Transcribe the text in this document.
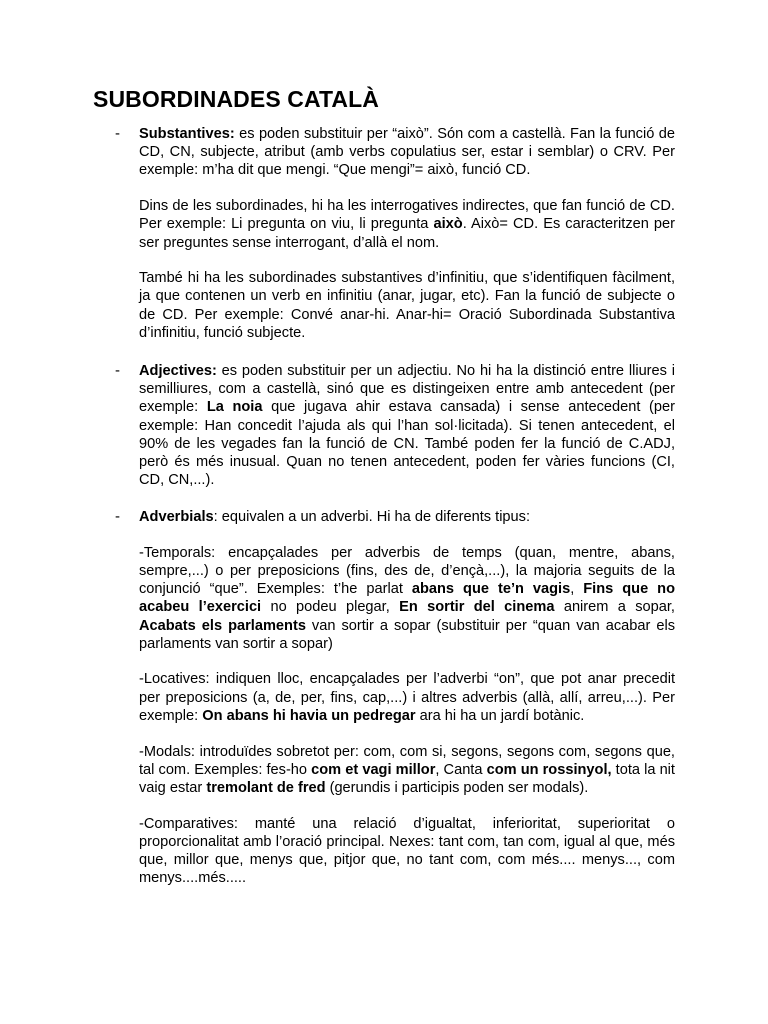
SUBORDINADES CATALÀ
- Substantives: es poden substituir per “això”. Són com a castellà. Fan la funció de CD, CN, subjecte, atribut (amb verbs copulatius ser, estar i semblar) o CRV. Per exemple: m’ha dit que mengi. “Que mengi”= això, funció CD.

Dins de les subordinades, hi ha les interrogatives indirectes, que fan funció de CD. Per exemple: Li pregunta on viu, li pregunta això. Això= CD. Es caracteritzen per ser preguntes sense interrogant, d’allà el nom.

També hi ha les subordinades substantives d’infinitiu, que s’identifiquen fàcilment, ja que contenen un verb en infinitiu (anar, jugar, etc). Fan la funció de subjecte o de CD. Per exemple: Convé anar-hi. Anar-hi= Oració Subordinada Substantiva d’infinitiu, funció subjecte.

- Adjectives: es poden substituir per un adjectiu. No hi ha la distinció entre lliures i semilliures, com a castellà, sinó que es distingeixen entre amb antecedent (per exemple: La noia que jugava ahir estava cansada) i sense antecedent (per exemple: Han concedit l’ajuda als qui l’han sol·licitada). Si tenen antecedent, el 90% de les vegades fan la funció de CN. També poden fer la funció de C.ADJ, però és més inusual. Quan no tenen antecedent, poden fer vàries funcions (CI, CD, CN,...).

- Adverbials: equivalen a un adverbi. Hi ha de diferents tipus:

-Temporals: encapçalades per adverbis de temps (quan, mentre, abans, sempre,...) o per preposicions (fins, des de, d’ençà,...), la majoria seguits de la conjunció “que”. Exemples: t’he parlat abans que te’n vagis, Fins que no acabeu l’exercici no podeu plegar, En sortir del cinema anirem a sopar, Acabats els parlaments van sortir a sopar (substituir per “quan van acabar els parlaments van sortir a sopar)

-Locatives: indiquen lloc, encapçalades per l’adverbi “on”, que pot anar precedit per preposicions (a, de, per, fins, cap,...) i altres adverbis (allà, allí, arreu,...). Per exemple: On abans hi havia un pedregar ara hi ha un jardí botànic.

-Modals: introduïdes sobretot per: com, com si, segons, segons com, segons que, tal com. Exemples: fes-ho com et vagi millor, Canta com un rossinyol, tota la nit vaig estar tremolant de fred (gerundis i participis poden ser modals).

-Comparatives: manté una relació d’igualtat, inferioritat, superioritat o proporcionalitat amb l’oració principal. Nexes: tant com, tan com, igual al que, més que, millor que, menys que, pitjor que, no tant com, com més.... menys..., com menys....més.....
